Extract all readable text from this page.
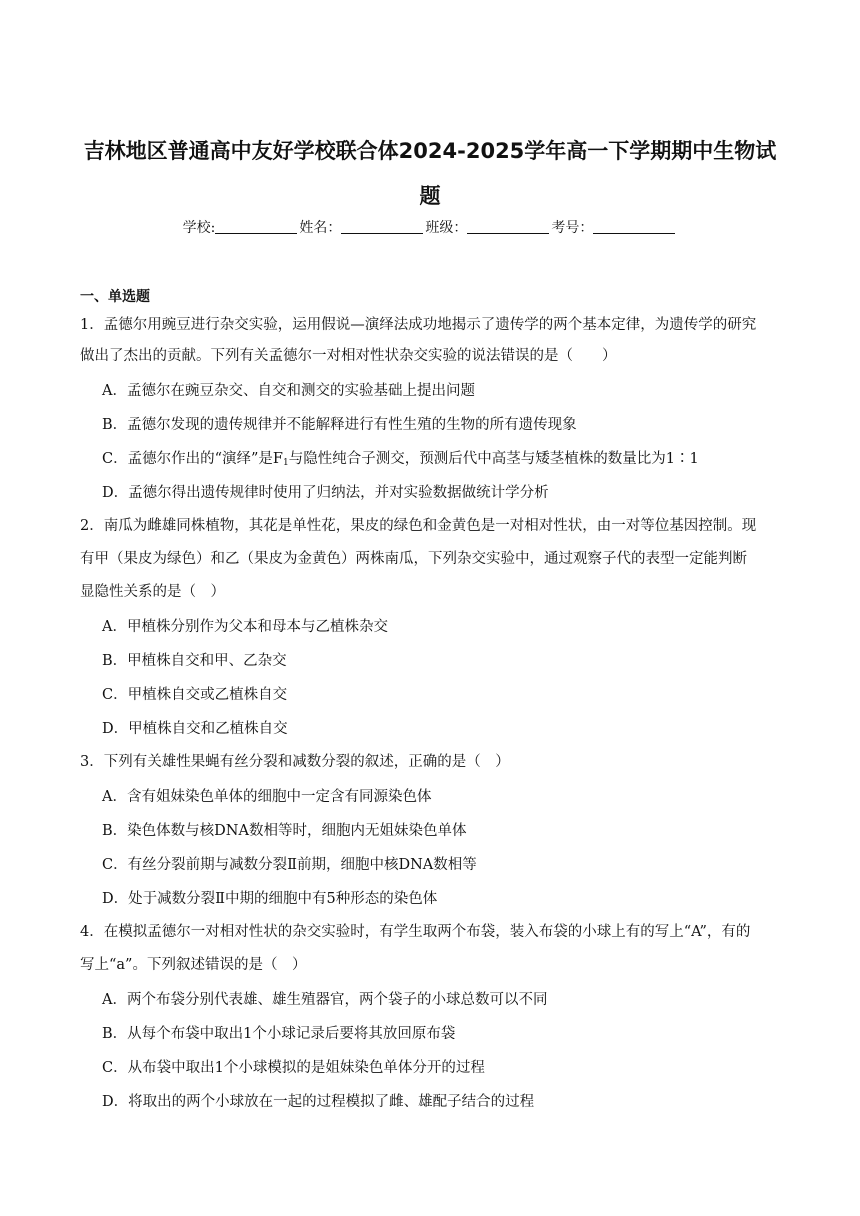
吉林地区普通高中友好学校联合体2024-2025学年高一下学期期中生物试
题
学校:	姓名：	班级：	考号：
一、单选题
1．孟德尔用豌豆进行杂交实验，运用假说—演绎法成功地揭示了遗传学的两个基本定律，为遗传学的研究
做出了杰出的贡献。下列有关孟德尔一对相对性状杂交实验的说法错误的是（　　）
A．孟德尔在豌豆杂交、自交和测交的实验基础上提出问题
B．孟德尔发现的遗传规律并不能解释进行有性生殖的生物的所有遗传现象
C．孟德尔作出的“演绎”是$F_1$与隐性纯合子测交，预测后代中高茎与矮茎植株的数量比为1∶1
D．孟德尔得出遗传规律时使用了归纳法，并对实验数据做统计学分析
2．南瓜为雌雄同株植物，其花是单性花，果皮的绿色和金黄色是一对相对性状，由一对等位基因控制。现
有甲（果皮为绿色）和乙（果皮为金黄色）两株南瓜，下列杂交实验中，通过观察子代的表型一定能判断
显隐性关系的是（　）
A．甲植株分别作为父本和母本与乙植株杂交
B．甲植株自交和甲、乙杂交
C．甲植株自交或乙植株自交
D．甲植株自交和乙植株自交
3．下列有关雄性果蝇有丝分裂和减数分裂的叙述，正确的是（　）
A．含有姐妹染色单体的细胞中一定含有同源染色体
B．染色体数与核DNA数相等时，细胞内无姐妹染色单体
C．有丝分裂前期与减数分裂Ⅱ前期，细胞中核DNA数相等
D．处于减数分裂Ⅱ中期的细胞中有5种形态的染色体
4．在模拟孟德尔一对相对性状的杂交实验时，有学生取两个布袋，装入布袋的小球上有的写上“A”，有的
写上“a”。下列叙述错误的是（　）
A．两个布袋分别代表雄、雄生殖器官，两个袋子的小球总数可以不同
B．从每个布袋中取出1个小球记录后要将其放回原布袋
C．从布袋中取出1个小球模拟的是姐妹染色单体分开的过程
D．将取出的两个小球放在一起的过程模拟了雌、雄配子结合的过程
